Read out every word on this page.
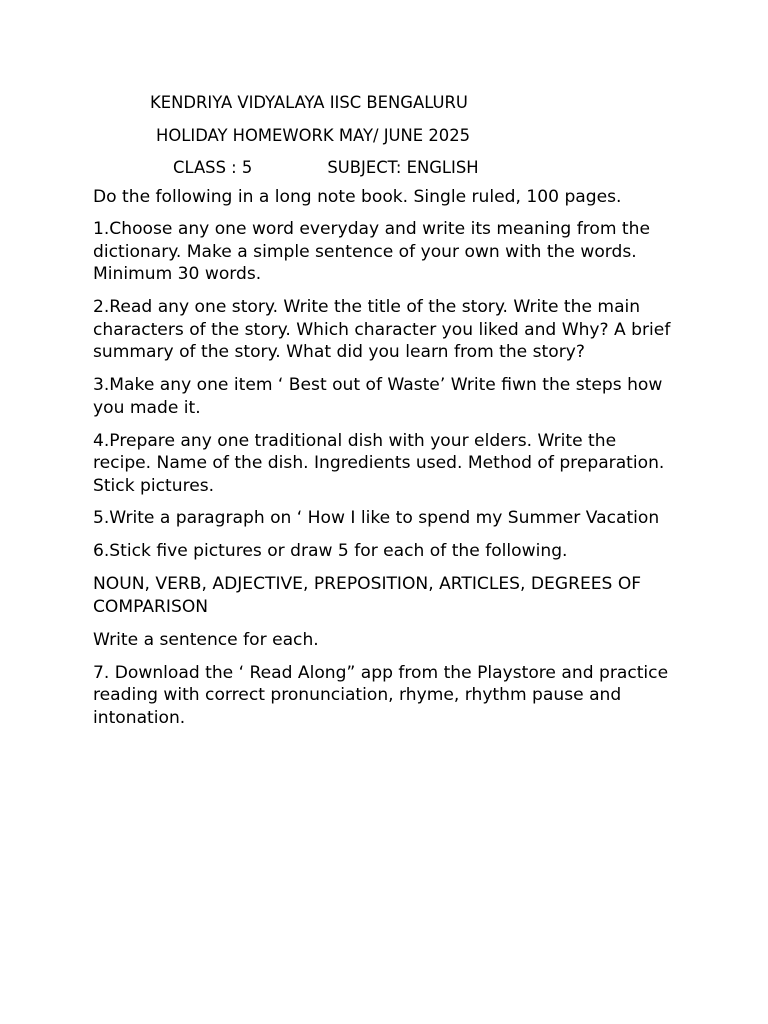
KENDRIYA VIDYALAYA IISC BENGALURU
HOLIDAY HOMEWORK MAY/ JUNE 2025
CLASS : 5	SUBJECT: ENGLISH

Do the following in a long note book. Single ruled, 100 pages.

1.Choose any one word everyday and write its meaning from the dictionary. Make a simple sentence of your own with the words. Minimum 30 words.

2.Read any one story. Write the title of the story. Write the main characters of the story. Which character you liked and Why? A brief summary of the story. What did you learn from the story?

3.Make any one item ‘ Best out of Waste’ Write fiwn the steps how you made it.

4.Prepare any one traditional dish with your elders. Write the recipe. Name of the dish. Ingredients used. Method of preparation. Stick pictures.

5.Write a paragraph on ‘ How I like to spend my Summer Vacation

6.Stick five pictures or draw 5 for each of the following.

NOUN, VERB, ADJECTIVE, PREPOSITION, ARTICLES, DEGREES OF COMPARISON

Write a sentence for each.

7. Download the ‘ Read Along” app from the Playstore and practice reading with correct pronunciation, rhyme, rhythm pause and intonation.
